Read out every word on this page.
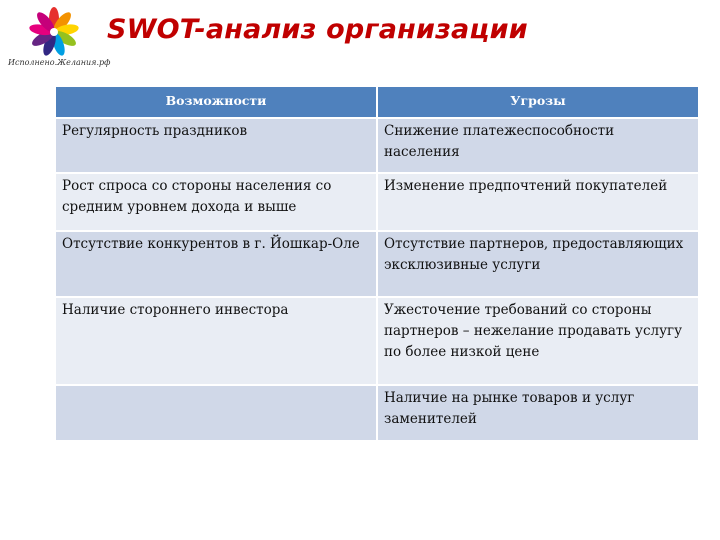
Исполнено.Желания.рф
SWOT-анализ организации
Возможности	Угрозы
Регулярность праздников	Снижение платежеспособности населения
Рост спроса со стороны населения со средним уровнем дохода и выше	Изменение предпочтений покупателей
Отсутствие конкурентов в г. Йошкар-Оле	Отсутствие партнеров, предоставляющих эксклюзивные услуги
Наличие стороннего инвестора	Ужесточение требований со стороны партнеров – нежелание продавать услугу по более низкой цене
	Наличие на рынке товаров и услуг заменителей
